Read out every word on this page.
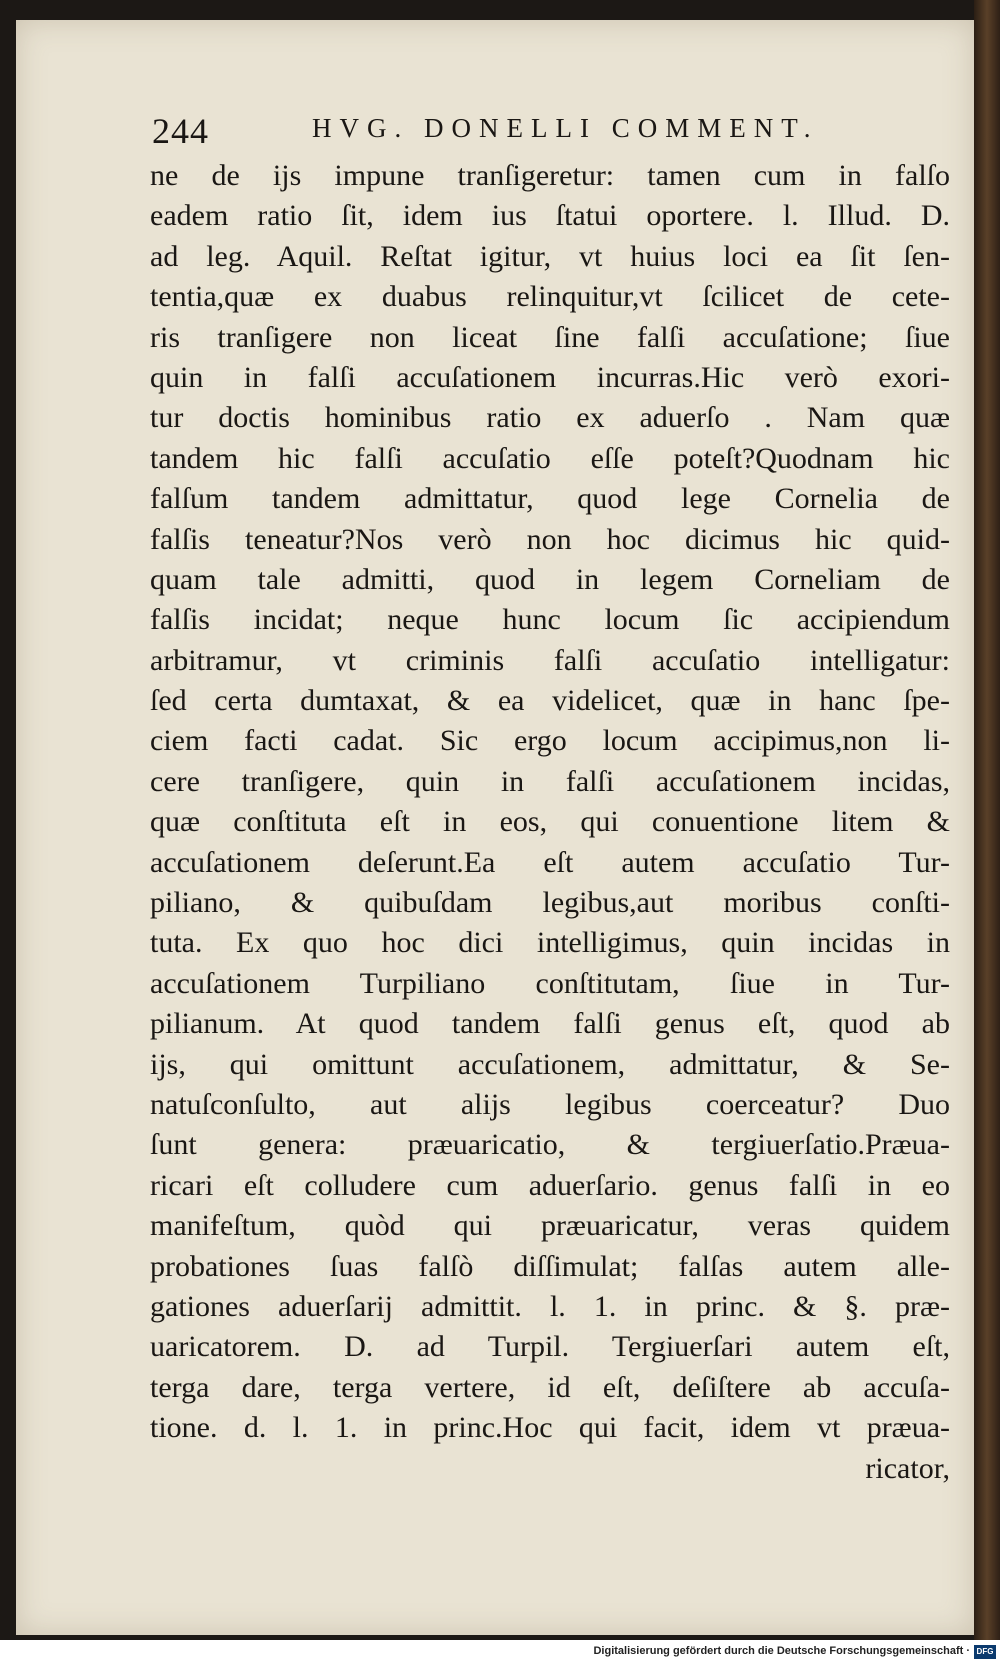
244	HVG. DONELLI COMMENT.
ne de ijs impune tranſigeretur: tamen cum in falſo
eadem ratio ſit, idem ius ſtatui oportere. l. Illud. D.
ad leg. Aquil. Reſtat igitur, vt huius loci ea ſit ſen-
tentia,quæ ex duabus relinquitur,vt ſcilicet de cete-
ris tranſigere non liceat ſine falſi accuſatione; ſiue
quin in falſi accuſationem incurras.Hic verò exori-
tur doctis hominibus ratio ex aduerſo . Nam quæ
tandem hic falſi accuſatio eſſe poteſt?Quodnam hic
falſum tandem admittatur, quod lege Cornelia de
falſis teneatur?Nos verò non hoc dicimus hic quid-
quam tale admitti, quod in legem Corneliam de
falſis incidat; neque hunc locum ſic accipiendum
arbitramur, vt criminis falſi accuſatio intelligatur:
ſed certa dumtaxat, & ea videlicet, quæ in hanc ſpe-
ciem facti cadat. Sic ergo locum accipimus,non li-
cere tranſigere, quin in falſi accuſationem incidas,
quæ conſtituta eſt in eos, qui conuentione litem &
accuſationem deſerunt.Ea eſt autem accuſatio Tur-
piliano, & quibuſdam legibus,aut moribus conſti-
tuta. Ex quo hoc dici intelligimus, quin incidas in
accuſationem Turpiliano conſtitutam, ſiue in Tur-
pilianum. At quod tandem falſi genus eſt, quod ab
ijs, qui omittunt accuſationem, admittatur, & Se-
natuſconſulto, aut alijs legibus coerceatur? Duo
ſunt genera: præuaricatio, & tergiuerſatio.Præua-
ricari eſt colludere cum aduerſario. genus falſi in eo
manifeſtum, quòd qui præuaricatur, veras quidem
probationes ſuas falſò diſſimulat; falſas autem alle-
gationes aduerſarij admittit. l. 1. in princ. & §. præ-
uaricatorem. D. ad Turpil. Tergiuerſari autem eſt,
terga dare, terga vertere, id eſt, deſiſtere ab accuſa-
tione. d. l. 1. in princ.Hoc qui facit, idem vt præua-
ricator,
Digitalisierung gefördert durch die Deutsche Forschungsgemeinschaft · DFG
